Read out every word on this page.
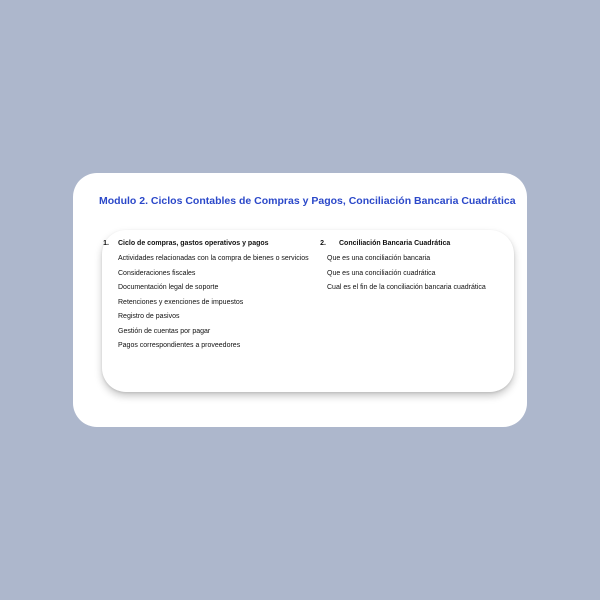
Modulo 2. Ciclos Contables de Compras y Pagos, Conciliación Bancaria Cuadrática
1. Ciclo de compras, gastos operativos y pagos
Actividades relacionadas con la compra de bienes o servicios
Consideraciones fiscales
Documentación legal de soporte
Retenciones y exenciones de impuestos
Registro de pasivos
Gestión de cuentas por pagar
Pagos correspondientes a proveedores
2. Conciliación Bancaria Cuadrática
Que es una conciliación bancaria
Que es una conciliación cuadrática
Cual es el fin de la conciliación bancaria cuadrática
